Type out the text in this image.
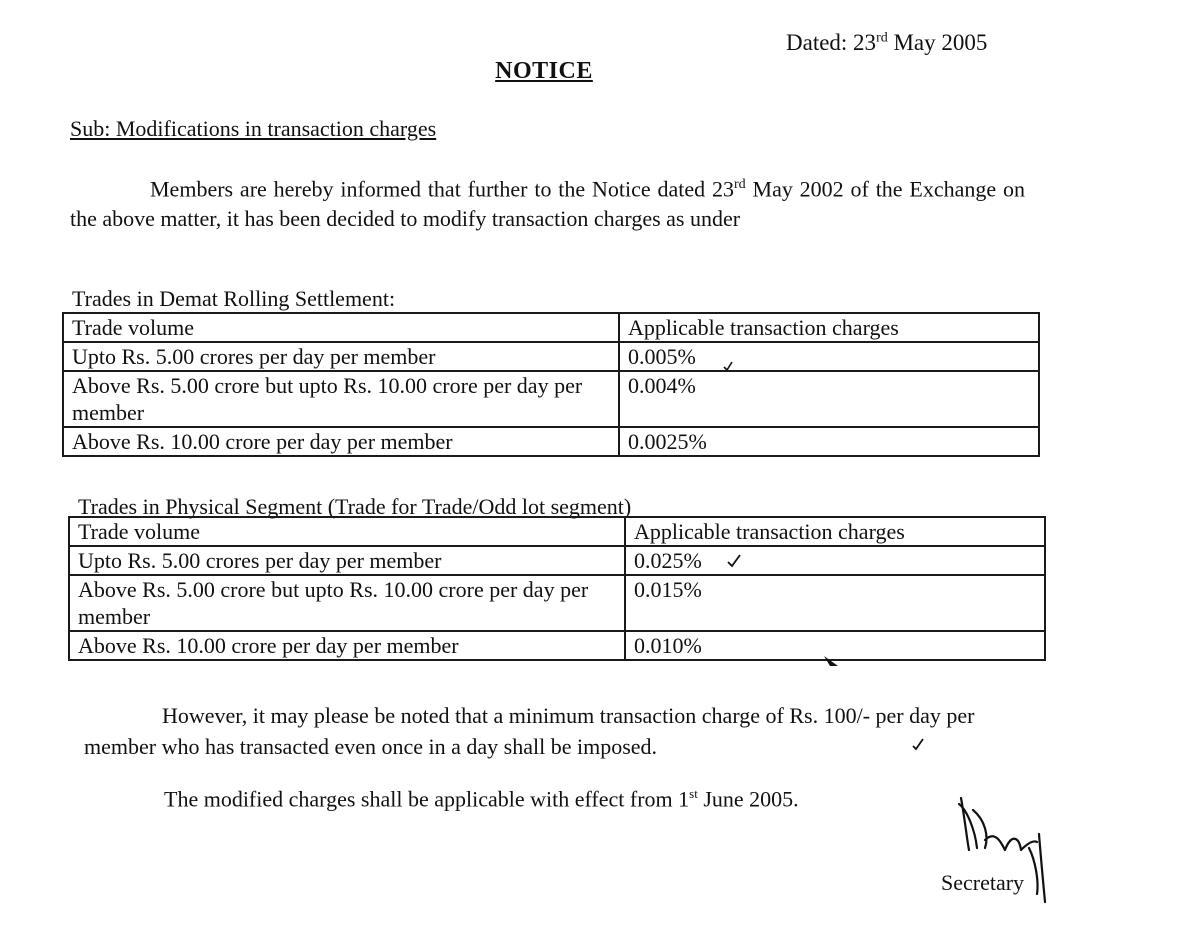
Dated: 23rd May 2005
NOTICE
Sub: Modifications in transaction charges
Members are hereby informed that further to the Notice dated 23rd May 2002 of the Exchange on the above matter, it has been decided to modify transaction charges as under
Trades in Demat Rolling Settlement:
Trade volume	Applicable transaction charges
Upto Rs. 5.00 crores per day per member	0.005%
Above Rs. 5.00 crore but upto Rs. 10.00 crore per day per member	0.004%
Above Rs. 10.00 crore per day per member	0.0025%
Trades in Physical Segment (Trade for Trade/Odd lot segment)
Trade volume	Applicable transaction charges
Upto Rs. 5.00 crores per day per member	0.025%
Above Rs. 5.00 crore but upto Rs. 10.00 crore per day per member	0.015%
Above Rs. 10.00 crore per day per member	0.010%
However, it may please be noted that a minimum transaction charge of Rs. 100/- per day per member who has transacted even once in a day shall be imposed.
The modified charges shall be applicable with effect from 1st June 2005.
Secretary
